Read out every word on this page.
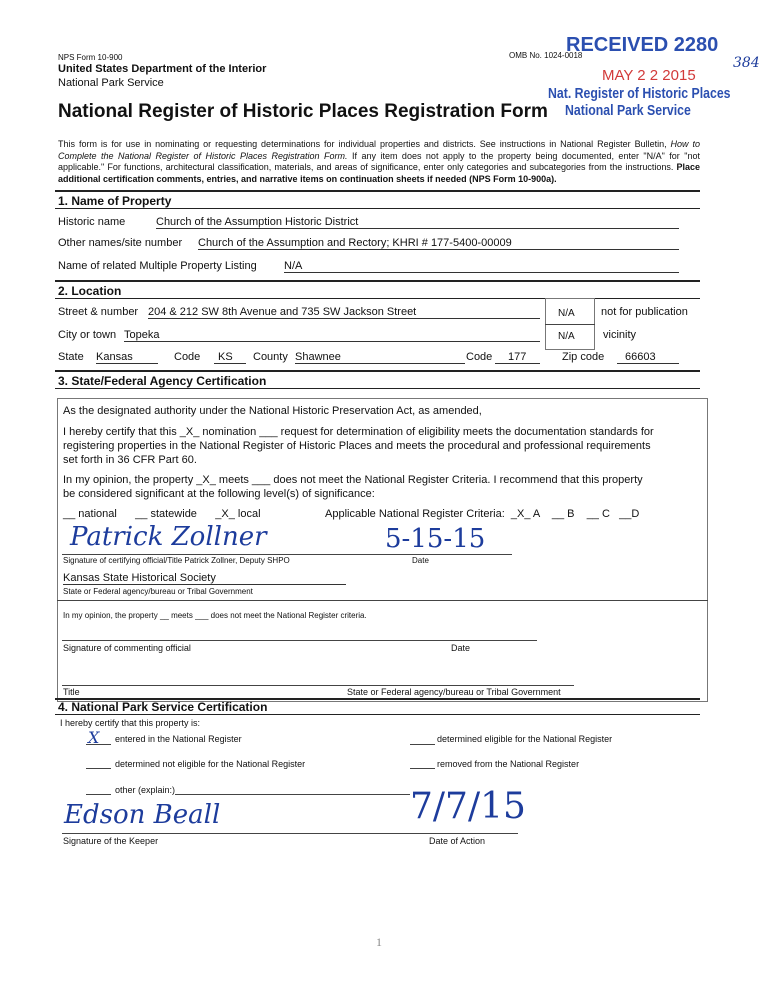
NPS Form 10-900
United States Department of the Interior
National Park Service
OMB No. 1024-0018
National Register of Historic Places Registration Form
RECEIVED 2280
MAY 2 2 2015
384
Nat. Register of Historic Places
National Park Service
This form is for use in nominating or requesting determinations for individual properties and districts. See instructions in National Register Bulletin, How to Complete the National Register of Historic Places Registration Form. If any item does not apply to the property being documented, enter "N/A" for "not applicable." For functions, architectural classification, materials, and areas of significance, enter only categories and subcategories from the instructions. Place additional certification comments, entries, and narrative items on continuation sheets if needed (NPS Form 10-900a).
1. Name of Property
Historic name	Church of the Assumption Historic District
Other names/site number Church of the Assumption and Rectory; KHRI # 177-5400-00009
Name of related Multiple Property Listing N/A
2. Location
Street & number 204 & 212 SW 8th Avenue and 735 SW Jackson Street	N/A not for publication
City or town Topeka	N/A	vicinity
State Kansas	Code	KS	County Shawnee	Code	177	Zip code	66603
3. State/Federal Agency Certification
As the designated authority under the National Historic Preservation Act, as amended,
I hereby certify that this _X_ nomination ___ request for determination of eligibility meets the documentation standards for
registering properties in the National Register of Historic Places and meets the procedural and professional requirements
set forth in 36 CFR Part 60.
In my opinion, the property _X_ meets ___ does not meet the National Register Criteria. I recommend that this property
be considered significant at the following level(s) of significance:
__ national      __ statewide      _X_ local	Applicable National Register Criteria:  _X_ A    __ B    __ C   __D
Patrick Zollner	5-15-15
Signature of certifying official/Title Patrick Zollner, Deputy SHPO	Date
Kansas State Historical Society
State or Federal agency/bureau or Tribal Government
In my opinion, the property __ meets ___ does not meet the National Register criteria.
Signature of commenting official	Date
Title	State or Federal agency/bureau or Tribal Government
4. National Park Service Certification
I hereby certify that this property is:
X entered in the National Register	determined eligible for the National Register
determined not eligible for the National Register	removed from the National Register
other (explain:)
Edson Beall	7/7/15
Signature of the Keeper	Date of Action
1
